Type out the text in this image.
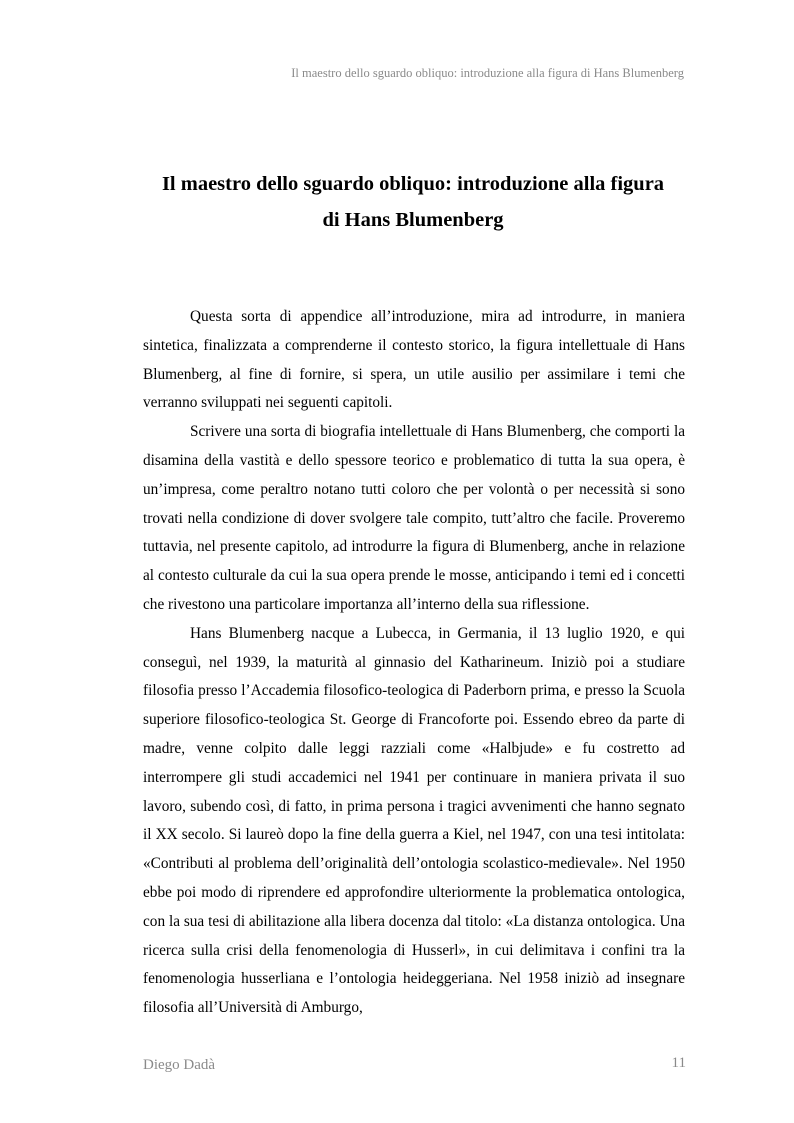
Il maestro dello sguardo obliquo: introduzione alla figura di Hans Blumenberg
Il maestro dello sguardo obliquo: introduzione alla figura
di Hans Blumenberg

Questa sorta di appendice all’introduzione, mira ad introdurre, in maniera sintetica, finalizzata a comprenderne il contesto storico, la figura intellettuale di Hans Blumenberg, al fine di fornire, si spera, un utile ausilio per assimilare i temi che verranno sviluppati nei seguenti capitoli.

Scrivere una sorta di biografia intellettuale di Hans Blumenberg, che comporti la disamina della vastità e dello spessore teorico e problematico di tutta la sua opera, è un’impresa, come peraltro notano tutti coloro che per volontà o per necessità si sono trovati nella condizione di dover svolgere tale compito, tutt’altro che facile. Proveremo tuttavia, nel presente capitolo, ad introdurre la figura di Blumenberg, anche in relazione al contesto culturale da cui la sua opera prende le mosse, anticipando i temi ed i concetti che rivestono una particolare importanza all’interno della sua riflessione.

Hans Blumenberg nacque a Lubecca, in Germania, il 13 luglio 1920, e qui conseguì, nel 1939, la maturità al ginnasio del Katharineum. Iniziò poi a studiare filosofia presso l’Accademia filosofico-teologica di Paderborn prima, e presso la Scuola superiore filosofico-teologica St. George di Francoforte poi. Essendo ebreo da parte di madre, venne colpito dalle leggi razziali come «Halbjude» e fu costretto ad interrompere gli studi accademici nel 1941 per continuare in maniera privata il suo lavoro, subendo così, di fatto, in prima persona i tragici avvenimenti che hanno segnato il XX secolo. Si laureò dopo la fine della guerra a Kiel, nel 1947, con una tesi intitolata: «Contributi al problema dell’originalità dell’ontologia scolastico-medievale». Nel 1950 ebbe poi modo di riprendere ed approfondire ulteriormente la problematica ontologica, con la sua tesi di abilitazione alla libera docenza dal titolo: «La distanza ontologica. Una ricerca sulla crisi della fenomenologia di Husserl», in cui delimitava i confini tra la fenomenologia husserliana e l’ontologia heideggeriana. Nel 1958 iniziò ad insegnare filosofia all’Università di Amburgo,

Diego Dadà	11
